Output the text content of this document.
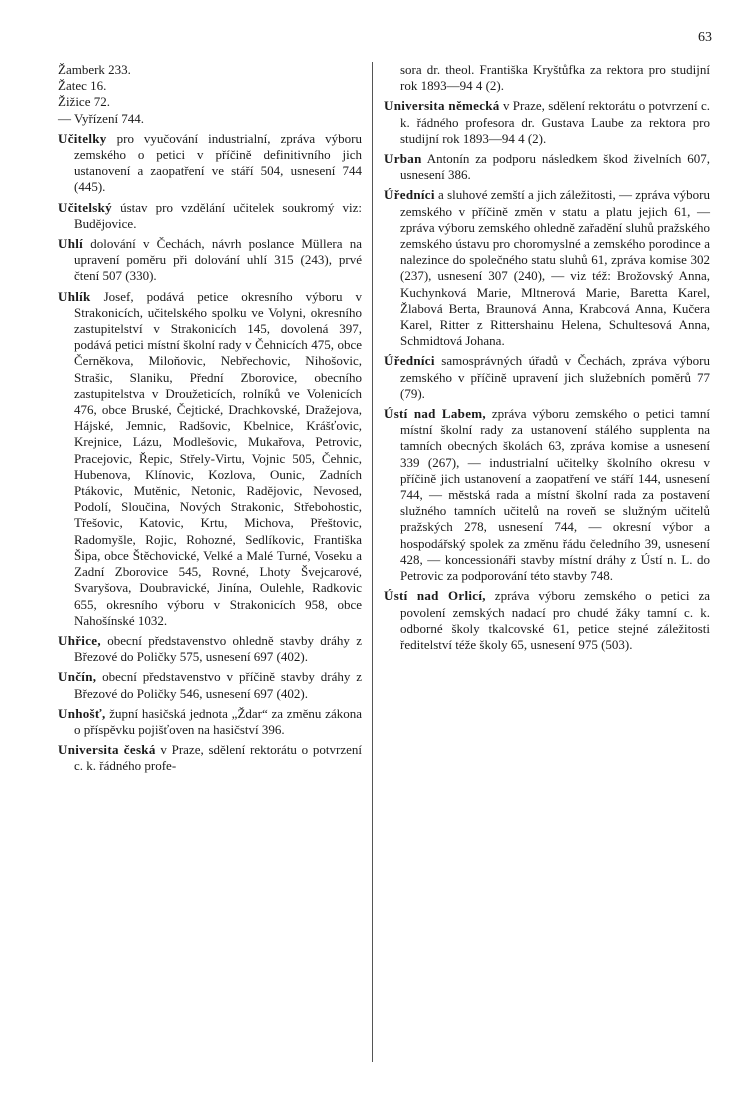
63

Žamberk 233.

Žatec 16.

Žižice 72.

— Vyřízení 744.

Učitelky pro vyučování industrialní, zpráva výboru zemského o petici v příčině definitivního jich ustanovení a zaopatření ve stáří 504, usnesení 744 (445).

Učitelský ústav pro vzdělání učitelek soukromý viz: Budějovice.

Uhlí dolování v Čechách, návrh poslance Müllera na upravení poměru při dolování uhlí 315 (243), prvé čtení 507 (330).

Uhlík Josef, podává petice okresního výboru v Strakonicích, učitelského spolku ve Volyni, okresního zastupitelství v Strakonicích 145, dovolená 397, podává petici místní školní rady v Čehnicích 475, obce Černěkova, Miloňovic, Nebřechovic, Nihošovic, Strašic, Slaniku, Přední Zborovice, obecního zastupitelstva v Droužeticích, rolníků ve Volenicích 476, obce Bruské, Čejtické, Drachkovské, Dražejova, Hájské, Jemnic, Radšovic, Kbelnice, Krášťovic, Krejnice, Lázu, Modlešovic, Mukařova, Petrovic, Pracejovic, Řepic, Střely-Virtu, Vojnic 505, Čehnic, Hubenova, Klínovic, Kozlova, Ounic, Zadních Ptákovic, Mutěnic, Netonic, Radějovic, Nevosed, Podolí, Sloučina, Nových Strakonic, Střebohostic, Třešovic, Katovic, Krtu, Michova, Přeštovic, Radomyšle, Rojic, Rohozné, Sedlíkovic, Františka Šipa, obce Štěchovické, Velké a Malé Turné, Voseku a Zadní Zborovice 545, Rovné, Lhoty Švejcarové, Svaryšova, Doubravické, Jinína, Oulehle, Radkovic 655, okresního výboru v Strakonicích 958, obce Nahošínské 1032.

Uhřice, obecní představenstvo ohledně stavby dráhy z Březové do Poličky 575, usnesení 697 (402).

Unčín, obecní představenstvo v příčině stavby dráhy z Březové do Poličky 546, usnesení 697 (402).

Unhošť, župní hasičská jednota „Ždar“ za změnu zákona o příspěvku pojišťoven na hasičství 396.

Universita česká v Praze, sdělení rektorátu o potvrzení c. k. řádného profe-

sora dr. theol. Františka Kryštůfka za rektora pro studijní rok 1893—94 4 (2).

Universita německá v Praze, sdělení rektorátu o potvrzení c. k. řádného profesora dr. Gustava Laube za rektora pro studijní rok 1893—94 4 (2).

Urban Antonín za podporu následkem škod živelních 607, usnesení 386.

Úředníci a sluhové zemští a jich záležitosti, — zpráva výboru zemského v příčině změn v statu a platu jejich 61, — zpráva výboru zemského ohledně zařadění sluhů pražského zemského ústavu pro choromyslné a zemského porodince a nalezince do společného statu sluhů 61, zpráva komise 302 (237), usnesení 307 (240), — viz též: Brožovský Anna, Kuchynková Marie, Mltnerová Marie, Baretta Karel, Žlabová Berta, Braunová Anna, Krabcová Anna, Kučera Karel, Ritter z Rittershainu Helena, Schultesová Anna, Schmidtová Johana.

Úředníci samosprávných úřadů v Čechách, zpráva výboru zemského v příčině upravení jich služebních poměrů 77 (79).

Ústí nad Labem, zpráva výboru zemského o petici tamní místní školní rady za ustanovení stálého supplenta na tamních obecných školách 63, zpráva komise a usnesení 339 (267), — industrialní učitelky školního okresu v příčině jich ustanovení a zaopatření ve stáří 144, usnesení 744, — městská rada a místní školní rada za postavení služného tamních učitelů na roveň se služným učitelů pražských 278, usnesení 744, — okresní výbor a hospodářský spolek za změnu řádu čeledního 39, usnesení 428, — koncessionáři stavby místní dráhy z Ústí n. L. do Petrovic za podporování této stavby 748.

Ústí nad Orlicí, zpráva výboru zemského o petici za povolení zemských nadací pro chudé žáky tamní c. k. odborné školy tkalcovské 61, petice stejné záležitosti ředitelství téže školy 65, usnesení 975 (503).
